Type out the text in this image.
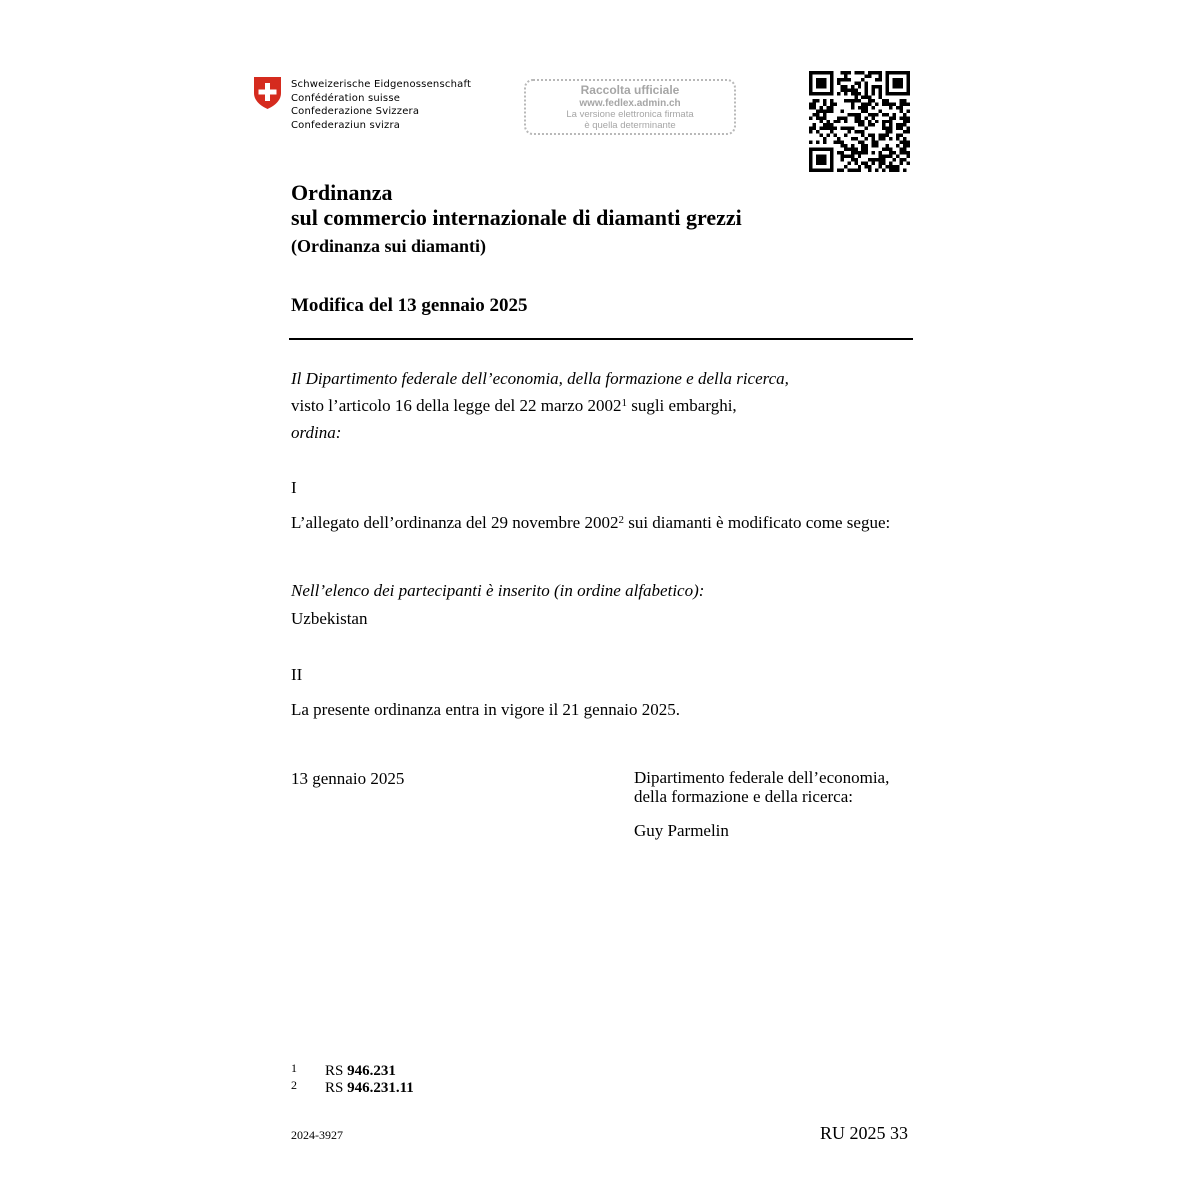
Schweizerische Eidgenossenschaft
Confédération suisse
Confederazione Svizzera
Confederaziun svizra
Raccolta ufficiale
www.fedlex.admin.ch
La versione elettronica firmata
è quella determinante
Ordinanza
sul commercio internazionale di diamanti grezzi
(Ordinanza sui diamanti)
Modifica del 13 gennaio 2025
Il Dipartimento federale dell’economia, della formazione e della ricerca,
visto l’articolo 16 della legge del 22 marzo 2002$^1$ sugli embarghi,
ordina:
I
L’allegato dell’ordinanza del 29 novembre 2002$^2$ sui diamanti è modificato come segue:
Nell’elenco dei partecipanti è inserito (in ordine alfabetico):
Uzbekistan
II
La presente ordinanza entra in vigore il 21 gennaio 2025.
13 gennaio 2025	Dipartimento federale dell’economia,
della formazione e della ricerca:
Guy Parmelin
1 RS 946.231
2 RS 946.231.11
2024-3927	RU 2025 33
